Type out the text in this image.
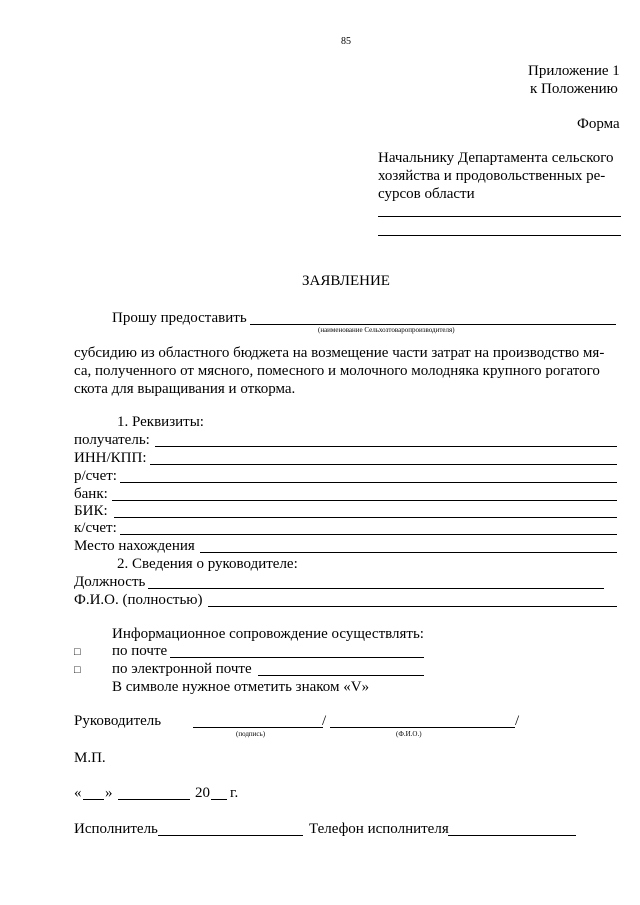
85
Приложение 1
к Положению
Форма
Начальнику Департамента сельского
хозяйства и продовольственных ре-
сурсов области
ЗАЯВЛЕНИЕ
Прошу предоставить
(наименование Сельхозтоваропроизводителя)
субсидию из областного бюджета на возмещение части затрат на производство мя-
са, полученного от мясного, помесного и молочного молодняка крупного рогатого
скота для выращивания и откорма.
1. Реквизиты:
получатель:
ИНН/КПП:
р/счет:
банк:
БИК:
к/счет:
Место нахождения
2. Сведения о руководителе:
Должность
Ф.И.О. (полностью)
Информационное сопровождение осуществлять:
□ по почте
□ по электронной почте
В символе нужное отметить знаком «V»
Руководитель	/	/
(подпись)	(Ф.И.О.)
М.П.
« »	20 г.
Исполнитель	Телефон исполнителя
